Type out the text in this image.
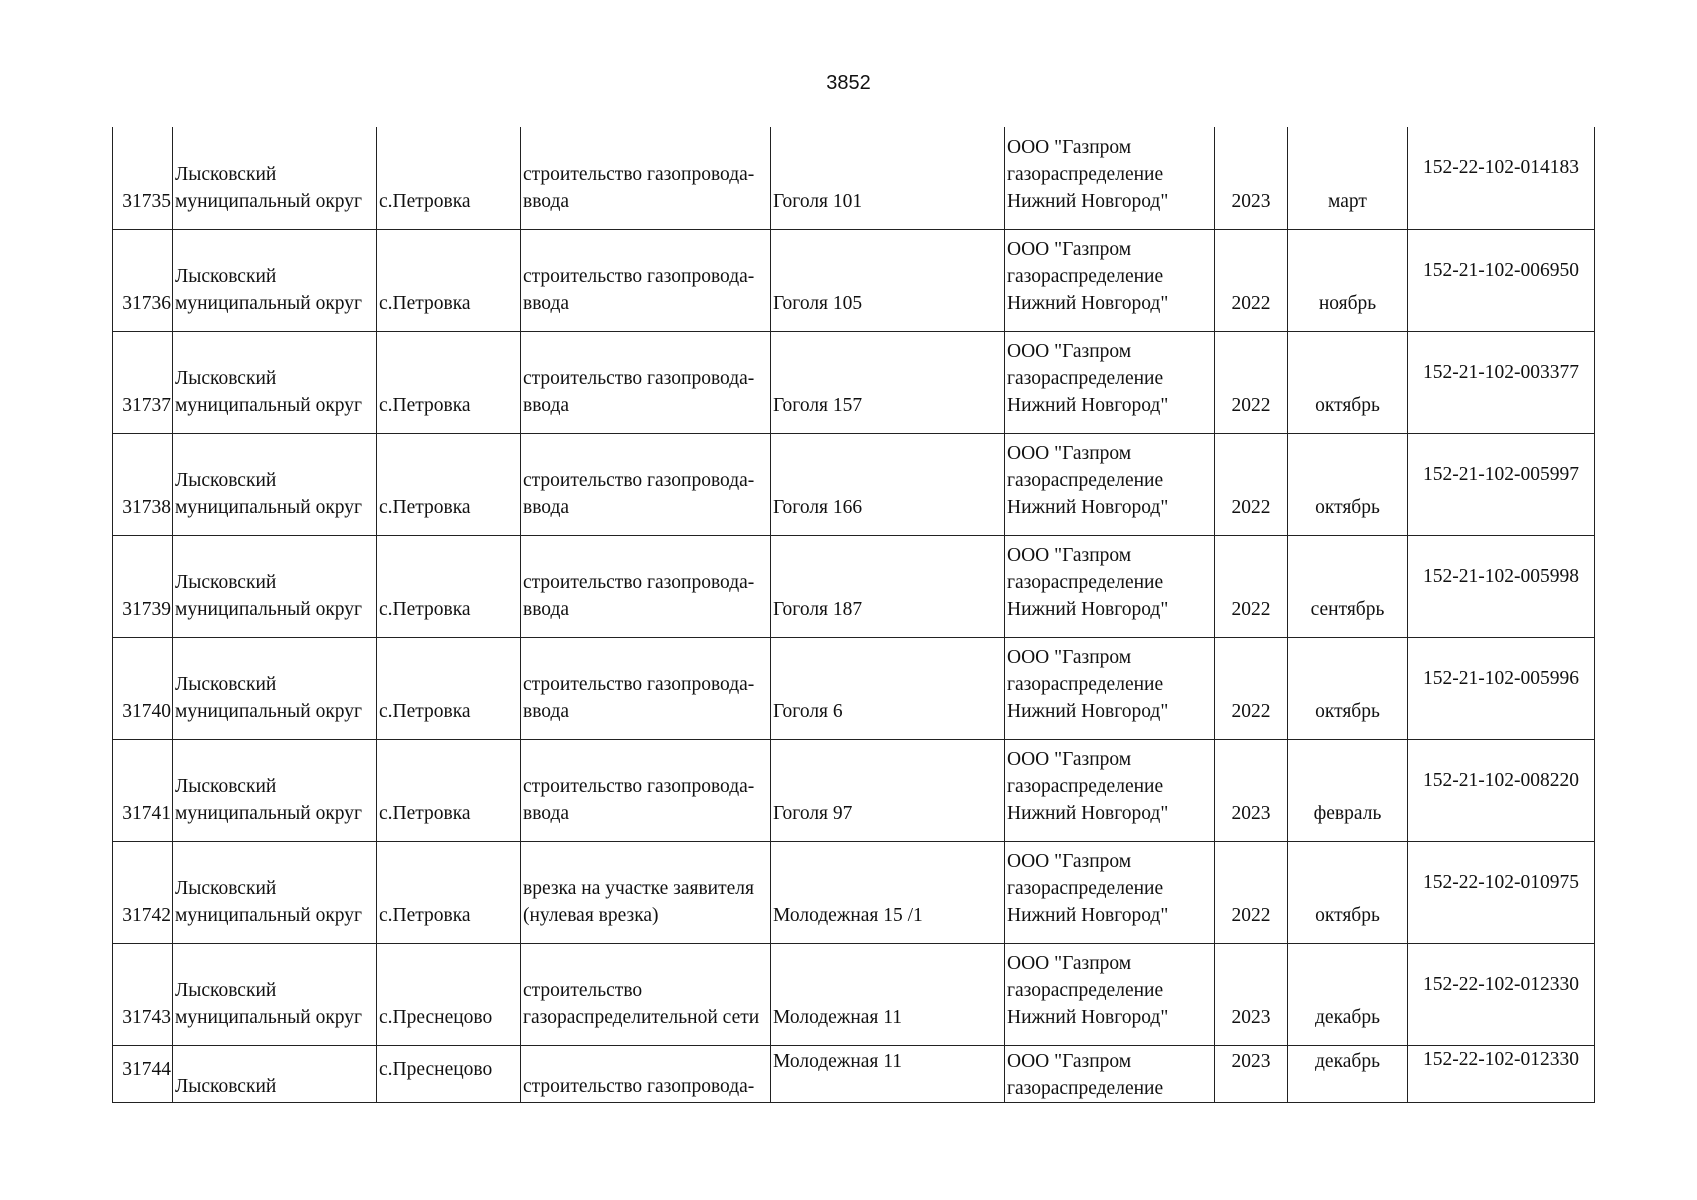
3852
31735	Лысковский
муниципальный округ	с.Петровка	строительство газопровода-
ввода	Гоголя 101	ООО "Газпром
газораспределение
Нижний Новгород"	2023	март	152-22-102-014183
31736	Лысковский
муниципальный округ	с.Петровка	строительство газопровода-
ввода	Гоголя 105	ООО "Газпром
газораспределение
Нижний Новгород"	2022	ноябрь	152-21-102-006950
31737	Лысковский
муниципальный округ	с.Петровка	строительство газопровода-
ввода	Гоголя 157	ООО "Газпром
газораспределение
Нижний Новгород"	2022	октябрь	152-21-102-003377
31738	Лысковский
муниципальный округ	с.Петровка	строительство газопровода-
ввода	Гоголя 166	ООО "Газпром
газораспределение
Нижний Новгород"	2022	октябрь	152-21-102-005997
31739	Лысковский
муниципальный округ	с.Петровка	строительство газопровода-
ввода	Гоголя 187	ООО "Газпром
газораспределение
Нижний Новгород"	2022	сентябрь	152-21-102-005998
31740	Лысковский
муниципальный округ	с.Петровка	строительство газопровода-
ввода	Гоголя 6	ООО "Газпром
газораспределение
Нижний Новгород"	2022	октябрь	152-21-102-005996
31741	Лысковский
муниципальный округ	с.Петровка	строительство газопровода-
ввода	Гоголя 97	ООО "Газпром
газораспределение
Нижний Новгород"	2023	февраль	152-21-102-008220
31742	Лысковский
муниципальный округ	с.Петровка	врезка на участке заявителя
(нулевая врезка)	Молодежная 15 /1	ООО "Газпром
газораспределение
Нижний Новгород"	2022	октябрь	152-22-102-010975
31743	Лысковский
муниципальный округ	с.Преснецово	строительство
газораспределительной сети	Молодежная 11	ООО "Газпром
газораспределение
Нижний Новгород"	2023	декабрь	152-22-102-012330
31744	Лысковский	с.Преснецово	строительство газопровода-	Молодежная 11	ООО "Газпром
газораспределение	2023	декабрь	152-22-102-012330
